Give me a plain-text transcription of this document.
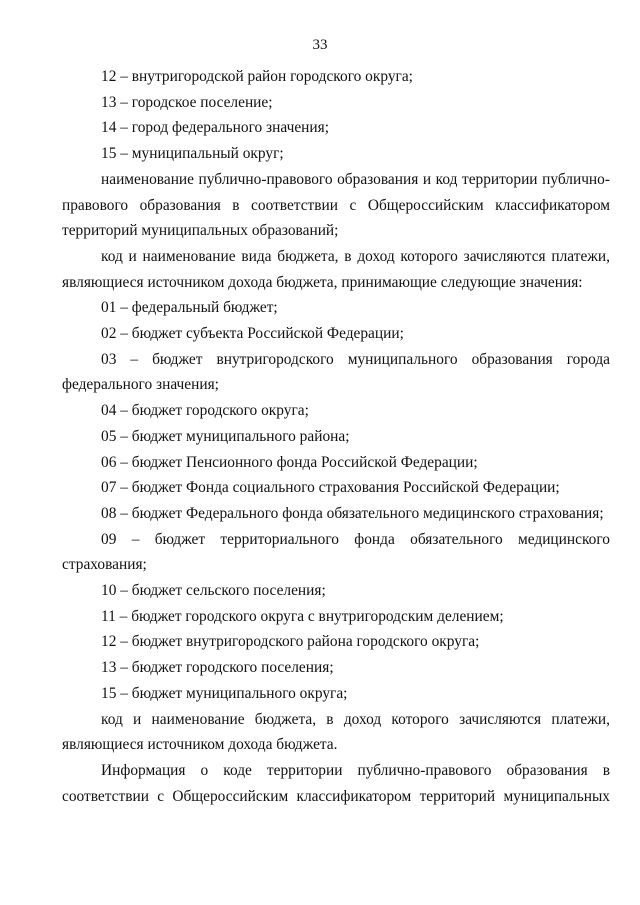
33

12 – внутригородской район городского округа;

13 – городское поселение;

14 – город федерального значения;

15 – муниципальный округ;

наименование публично-правового образования и код территории публично-правового образования в соответствии с Общероссийским классификатором территорий муниципальных образований;

код и наименование вида бюджета, в доход которого зачисляются платежи, являющиеся источником дохода бюджета, принимающие следующие значения:

01 – федеральный бюджет;

02 – бюджет субъекта Российской Федерации;

03 – бюджет внутригородского муниципального образования города федерального значения;

04 – бюджет городского округа;

05 – бюджет муниципального района;

06 – бюджет Пенсионного фонда Российской Федерации;

07 – бюджет Фонда социального страхования Российской Федерации;

08 – бюджет Федерального фонда обязательного медицинского страхования;

09 – бюджет территориального фонда обязательного медицинского страхования;

10 – бюджет сельского поселения;

11 – бюджет городского округа с внутригородским делением;

12 – бюджет внутригородского района городского округа;

13 – бюджет городского поселения;

15 – бюджет муниципального округа;

код и наименование бюджета, в доход которого зачисляются платежи, являющиеся источником дохода бюджета.

Информация о коде территории публично-правового образования в соответствии с Общероссийским классификатором территорий муниципальных
